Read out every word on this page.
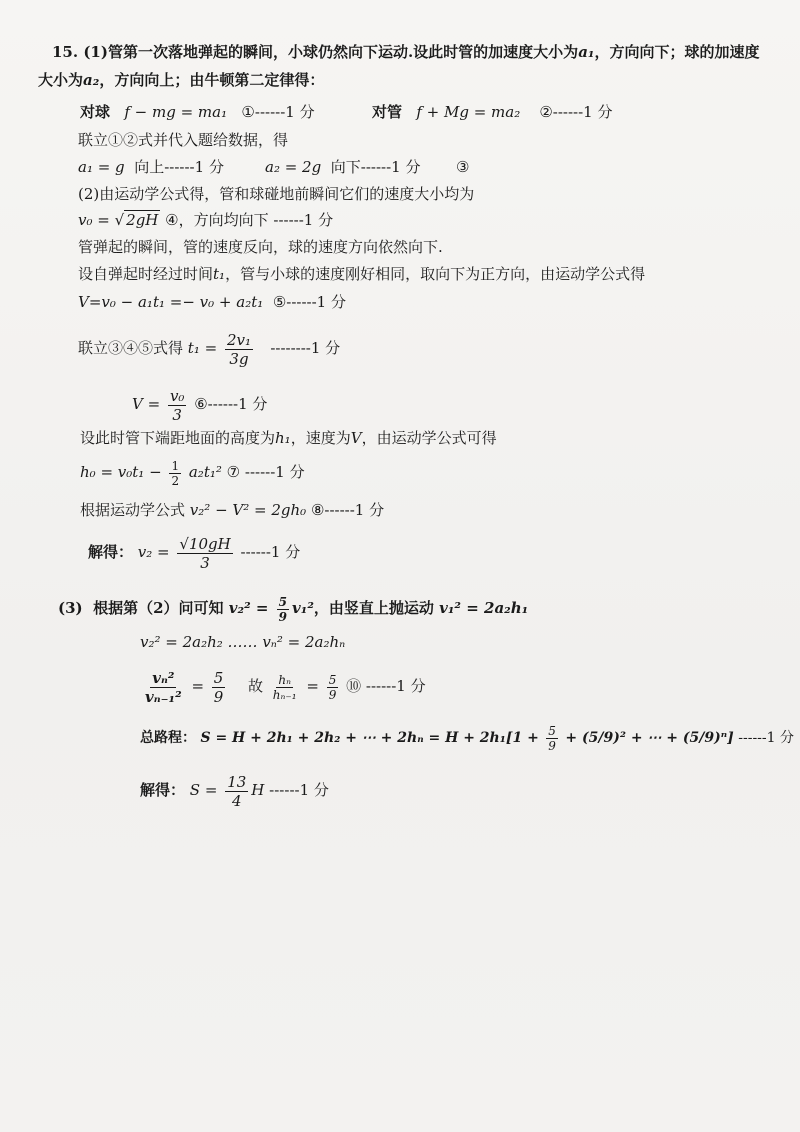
15. (1)管第一次落地弹起的瞬间，小球仍然向下运动.设此时管的加速度大小为a₁，方向向下；球的加速度
大小为a₂，方向向上；由牛顿第二定律得：
对球 f − mg = ma₁ ①------1 分	对管 f + Mg = ma₂ ②------1 分
联立①②式并代入题给数据，得
a₁ = g 向上------1 分	a₂ = 2g 向下------1 分 ③
(2)由运动学公式得，管和球碰地前瞬间它们的速度大小均为
v₀ = √ 2gH ④，方向均向下 ------1 分
管弹起的瞬间，管的速度反向，球的速度方向依然向下.
设自弹起时经过时间t₁，管与小球的速度刚好相同，取向下为正方向，由运动学公式得
V=v₀ − a₁t₁ =− v₀ + a₂t₁ ⑤------1 分
联立③④⑤式得 $t_1 = \frac{\text{2v₁}}{3g} --------1$ 分
$V = \frac{\text{v₀}}{3}$ ⑥------1 分
设此时管下端距地面的高度为h₁，速度为V，由运动学公式可得
$h_0 = v_0t_1 - \frac{1}{2} a_2t_1^2$ ⑦ ------1 分
根据运动学公式 v₂² − V² = 2gh₀ ⑧------1 分
解得： $v_2 = \frac{√10gH}{3} ------1$ 分
(3) 根据第（2）问可知 $v_2^2 = \frac{5}{9} v_1^2$，由竖直上抛运动 v₁² = 2a₂h₁
v₂² = 2a₂h₂ …… vₙ² = 2a₂hₙ
$\frac{\text{vₙ²}}{\text{vₙ₋₁²}} = \frac{5}{9}$ 故 $\frac{\text{hₙ}}{\text{hₙ₋₁}} = \frac{5}{9}$ ⑩ ------1 分
总路程： S = H + 2h₁ + 2h₂ + ⋯ + $2h_n = H + 2h_1[1 + \frac{5}{9} + (5/9)^2$ + ⋯ + (5/9)ⁿ] ------1 分
解得： $S = \frac{13}{4}$ H ------1 分
